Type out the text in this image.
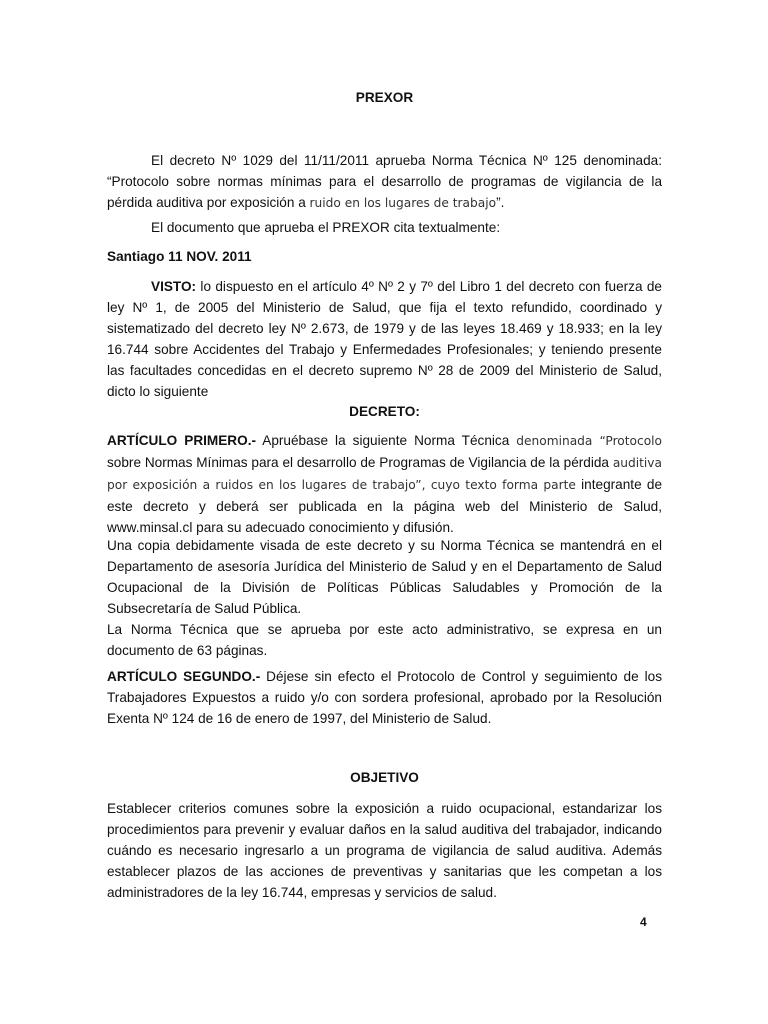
PREXOR

El decreto Nº 1029 del 11/11/2011 aprueba Norma Técnica Nº 125 denominada: “Protocolo sobre normas mínimas para el desarrollo de programas de vigilancia de la pérdida auditiva por exposición a ruido en los lugares de trabajo”.

El documento que aprueba el PREXOR cita textualmente:

Santiago 11 NOV. 2011

VISTO: lo dispuesto en el artículo 4º Nº 2 y 7º del Libro 1 del decreto con fuerza de ley Nº 1, de 2005 del Ministerio de Salud, que fija el texto refundido, coordinado y sistematizado del decreto ley Nº 2.673, de 1979 y de las leyes 18.469 y 18.933; en la ley 16.744 sobre Accidentes del Trabajo y Enfermedades Profesionales; y teniendo presente las facultades concedidas en el decreto supremo Nº 28 de 2009 del Ministerio de Salud, dicto lo siguiente

DECRETO:

ARTÍCULO PRIMERO.- Apruébase la siguiente Norma Técnica denominada “Protocolo sobre Normas Mínimas para el desarrollo de Programas de Vigilancia de la pérdida auditiva por exposición a ruidos en los lugares de trabajo”, cuyo texto forma parte integrante de este decreto y deberá ser publicada en la página web del Ministerio de Salud, www.minsal.cl para su adecuado conocimiento y difusión.

Una copia debidamente visada de este decreto y su Norma Técnica se mantendrá en el Departamento de asesoría Jurídica del Ministerio de Salud y en el Departamento de Salud Ocupacional de la División de Políticas Públicas Saludables y Promoción de la Subsecretaría de Salud Pública.

La Norma Técnica que se aprueba por este acto administrativo, se expresa en un documento de 63 páginas.

ARTÍCULO SEGUNDO.- Déjese sin efecto el Protocolo de Control y seguimiento de los Trabajadores Expuestos a ruido y/o con sordera profesional, aprobado por la Resolución Exenta Nº 124 de 16 de enero de 1997, del Ministerio de Salud.

OBJETIVO

Establecer criterios comunes sobre la exposición a ruido ocupacional, estandarizar los procedimientos para prevenir y evaluar daños en la salud auditiva del trabajador, indicando cuándo es necesario ingresarlo a un programa de vigilancia de salud auditiva. Además establecer plazos de las acciones de preventivas y sanitarias que les competan a los administradores de la ley 16.744, empresas y servicios de salud.

4
